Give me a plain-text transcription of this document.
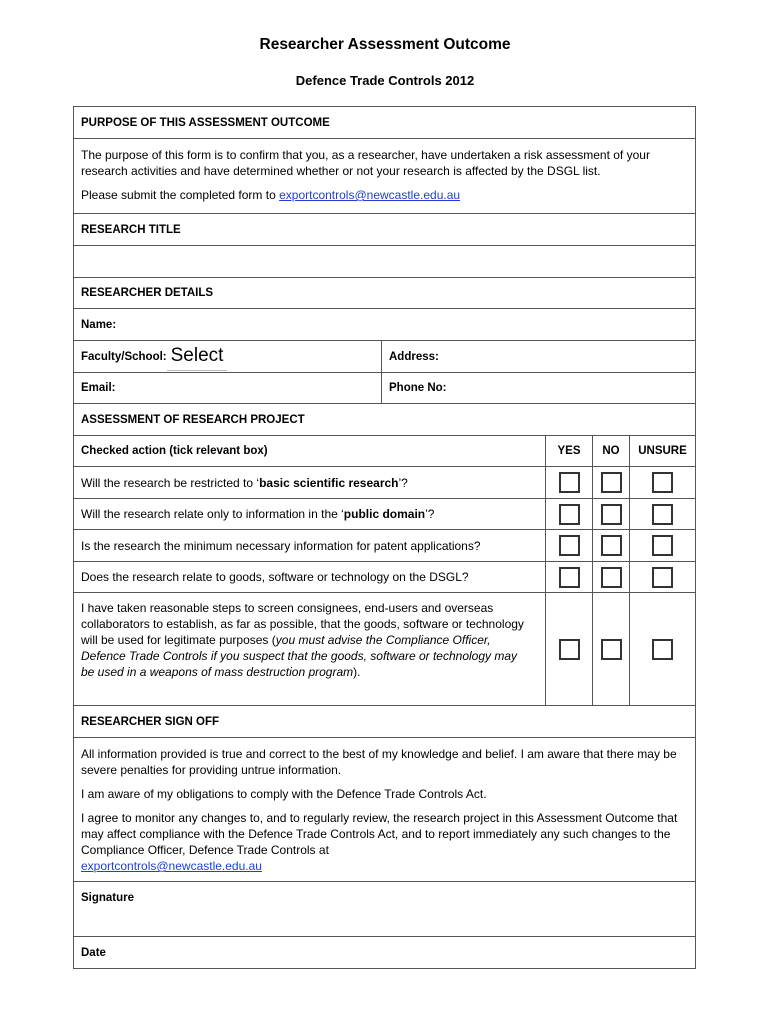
Researcher Assessment Outcome
Defence Trade Controls 2012
PURPOSE OF THIS ASSESSMENT OUTCOME

The purpose of this form is to confirm that you, as a researcher, have undertaken a risk assessment of your research activities and have determined whether or not your research is affected by the DSGL list.

Please submit the completed form to exportcontrols@newcastle.edu.au

RESEARCH TITLE
RESEARCHER DETAILS
Name:
Faculty/School: Select	Address:
Email:	Phone No:
ASSESSMENT OF RESEARCH PROJECT
Checked action (tick relevant box)	YES	NO	UNSURE
Will the research be restricted to ‘ basic scientific research ’?
Will the research relate only to information in the ‘ public domain ’?
Is the research the minimum necessary information for patent applications?
Does the research relate to goods, software or technology on the DSGL?

I have taken reasonable steps to screen consignees, end-users and overseas collaborators to establish, as far as possible, that the goods, software or technology will be used for legitimate purposes (you must advise the Compliance Officer, Defence Trade Controls if you suspect that the goods, software or technology may be used in a weapons of mass destruction program).

RESEARCHER SIGN OFF

All information provided is true and correct to the best of my knowledge and belief. I am aware that there may be severe penalties for providing untrue information.

I am aware of my obligations to comply with the Defence Trade Controls Act.

I agree to monitor any changes to, and to regularly review, the research project in this Assessment Outcome that may affect compliance with the Defence Trade Controls Act, and to report immediately any such changes to the Compliance Officer, Defence Trade Controls at

exportcontrols@newcastle.edu.au

Signature
Date
